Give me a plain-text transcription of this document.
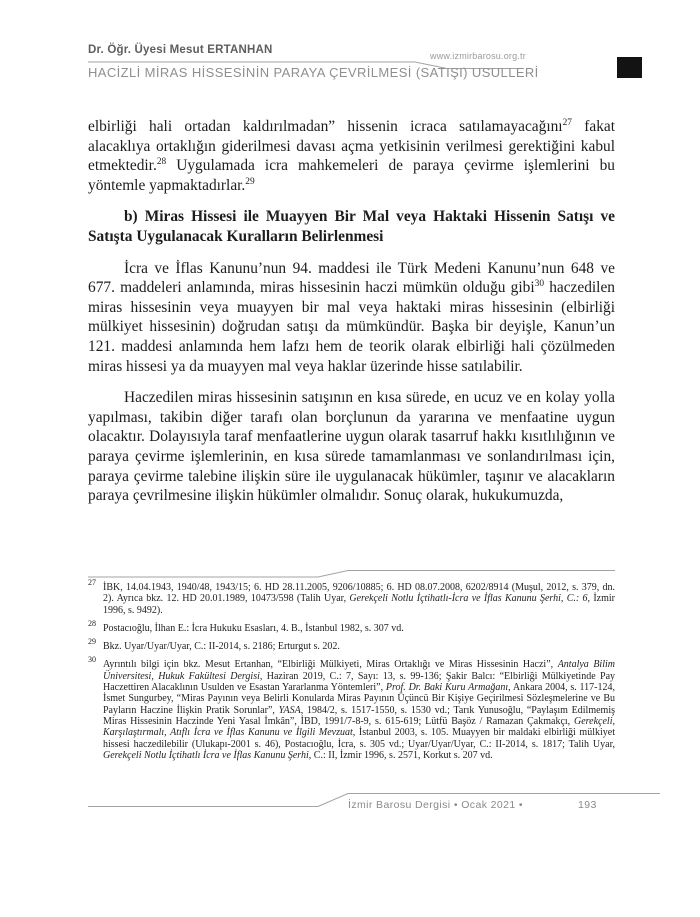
Dr. Öğr. Üyesi Mesut ERTANHAN
HACİZLİ MİRAS HİSSESİNİN PARAYA ÇEVRİLMESİ (SATIŞI) USULLERİ
www.izmirbarosu.org.tr

elbirliği hali ortadan kaldırılmadan” hissenin icraca satılamayacağını$^{27}$ fakat alacaklıya ortaklığın giderilmesi davası açma yetkisinin verilmesi gerektiğini kabul etmektedir.$^{28}$ Uygulamada icra mahkemeleri de paraya çevirme işlemlerini bu yöntemle yapmaktadırlar.$^{29}$

b) Miras Hissesi ile Muayyen Bir Mal veya Haktaki Hissenin Satışı ve Satışta Uygulanacak Kuralların Belirlenmesi

İcra ve İflas Kanunu’nun 94. maddesi ile Türk Medeni Kanunu’nun 648 ve 677. maddeleri anlamında, miras hissesinin haczi mümkün olduğu gibi$^{30}$ haczedilen miras hissesinin veya muayyen bir mal veya haktaki miras hissesinin (elbirliği mülkiyet hissesinin) doğrudan satışı da mümkündür. Başka bir deyişle, Kanun’un 121. maddesi anlamında hem lafzı hem de teorik olarak elbirliği hali çözülmeden miras hissesi ya da muayyen mal veya haklar üzerinde hisse satılabilir.

Haczedilen miras hissesinin satışının en kısa sürede, en ucuz ve en kolay yolla yapılması, takibin diğer tarafı olan borçlunun da yararına ve menfaatine uygun olacaktır. Dolayısıyla taraf menfaatlerine uygun olarak tasarruf hakkı kısıtlılığının ve paraya çevirme işlemlerinin, en kısa sürede tamamlanması ve sonlandırılması için, paraya çevirme talebine ilişkin süre ile uygulanacak hükümler, taşınır ve alacakların paraya çevrilmesine ilişkin hükümler olmalıdır. Sonuç olarak, hukukumuzda,

27 İBK, 14.04.1943, 1940/48, 1943/15; 6. HD 28.11.2005, 9206/10885; 6. HD 08.07.2008, 6202/8914 (Muşul, 2012, s. 379, dn. 2). Ayrıca bkz. 12. HD 20.01.1989, 10473/598 (Talih Uyar, Gerekçeli Notlu İçtihatlı-İcra ve İflas Kanunu Şerhi, C.: 6, İzmir 1996, s. 9492).
28 Postacıoğlu, İlhan E.: İcra Hukuku Esasları, 4. B., İstanbul 1982, s. 307 vd.
29 Bkz. Uyar/Uyar/Uyar, C.: II-2014, s. 2186; Erturgut s. 202.
30 Ayrıntılı bilgi için bkz. Mesut Ertanhan, “Elbirliği Mülkiyeti, Miras Ortaklığı ve Miras Hissesinin Haczi”, Antalya Bilim Üniversitesi, Hukuk Fakültesi Dergisi, Haziran 2019, C.: 7, Sayı: 13, s. 99-136; Şakir Balcı: “Elbirliği Mülkiyetinde Pay Haczettiren Alacaklının Usulden ve Esastan Yararlanma Yöntemleri”, Prof. Dr. Baki Kuru Armağanı, Ankara 2004, s. 117-124, İsmet Sungurbey, “Miras Payının veya Belirli Konularda Miras Payının Üçüncü Bir Kişiye Geçirilmesi Sözleşmelerine ve Bu Payların Haczine İlişkin Pratik Sorunlar”, YASA, 1984/2, s. 1517-1550, s. 1530 vd.; Tarık Yunusoğlu, “Paylaşım Edilmemiş Miras Hissesinin Haczinde Yeni Yasal İmkân”, İBD, 1991/7-8-9, s. 615-619; Lütfü Başöz / Ramazan Çakmakçı, Gerekçeli, Karşılaştırmalı, Atıflı İcra ve İflas Kanunu ve İlgili Mevzuat, İstanbul 2003, s. 105. Muayyen bir maldaki elbirliği mülkiyet hissesi haczedilebilir (Ulukapı-2001 s. 46), Postacıoğlu, İcra, s. 305 vd.; Uyar/Uyar/Uyar, C.: II-2014, s. 1817; Talih Uyar, Gerekçeli Notlu İçtihatlı İcra ve İflas Kanunu Şerhi, C.: II, İzmir 1996, s. 2571, Korkut s. 207 vd.
İzmir Barosu Dergisi • Ocak 2021 •	193
